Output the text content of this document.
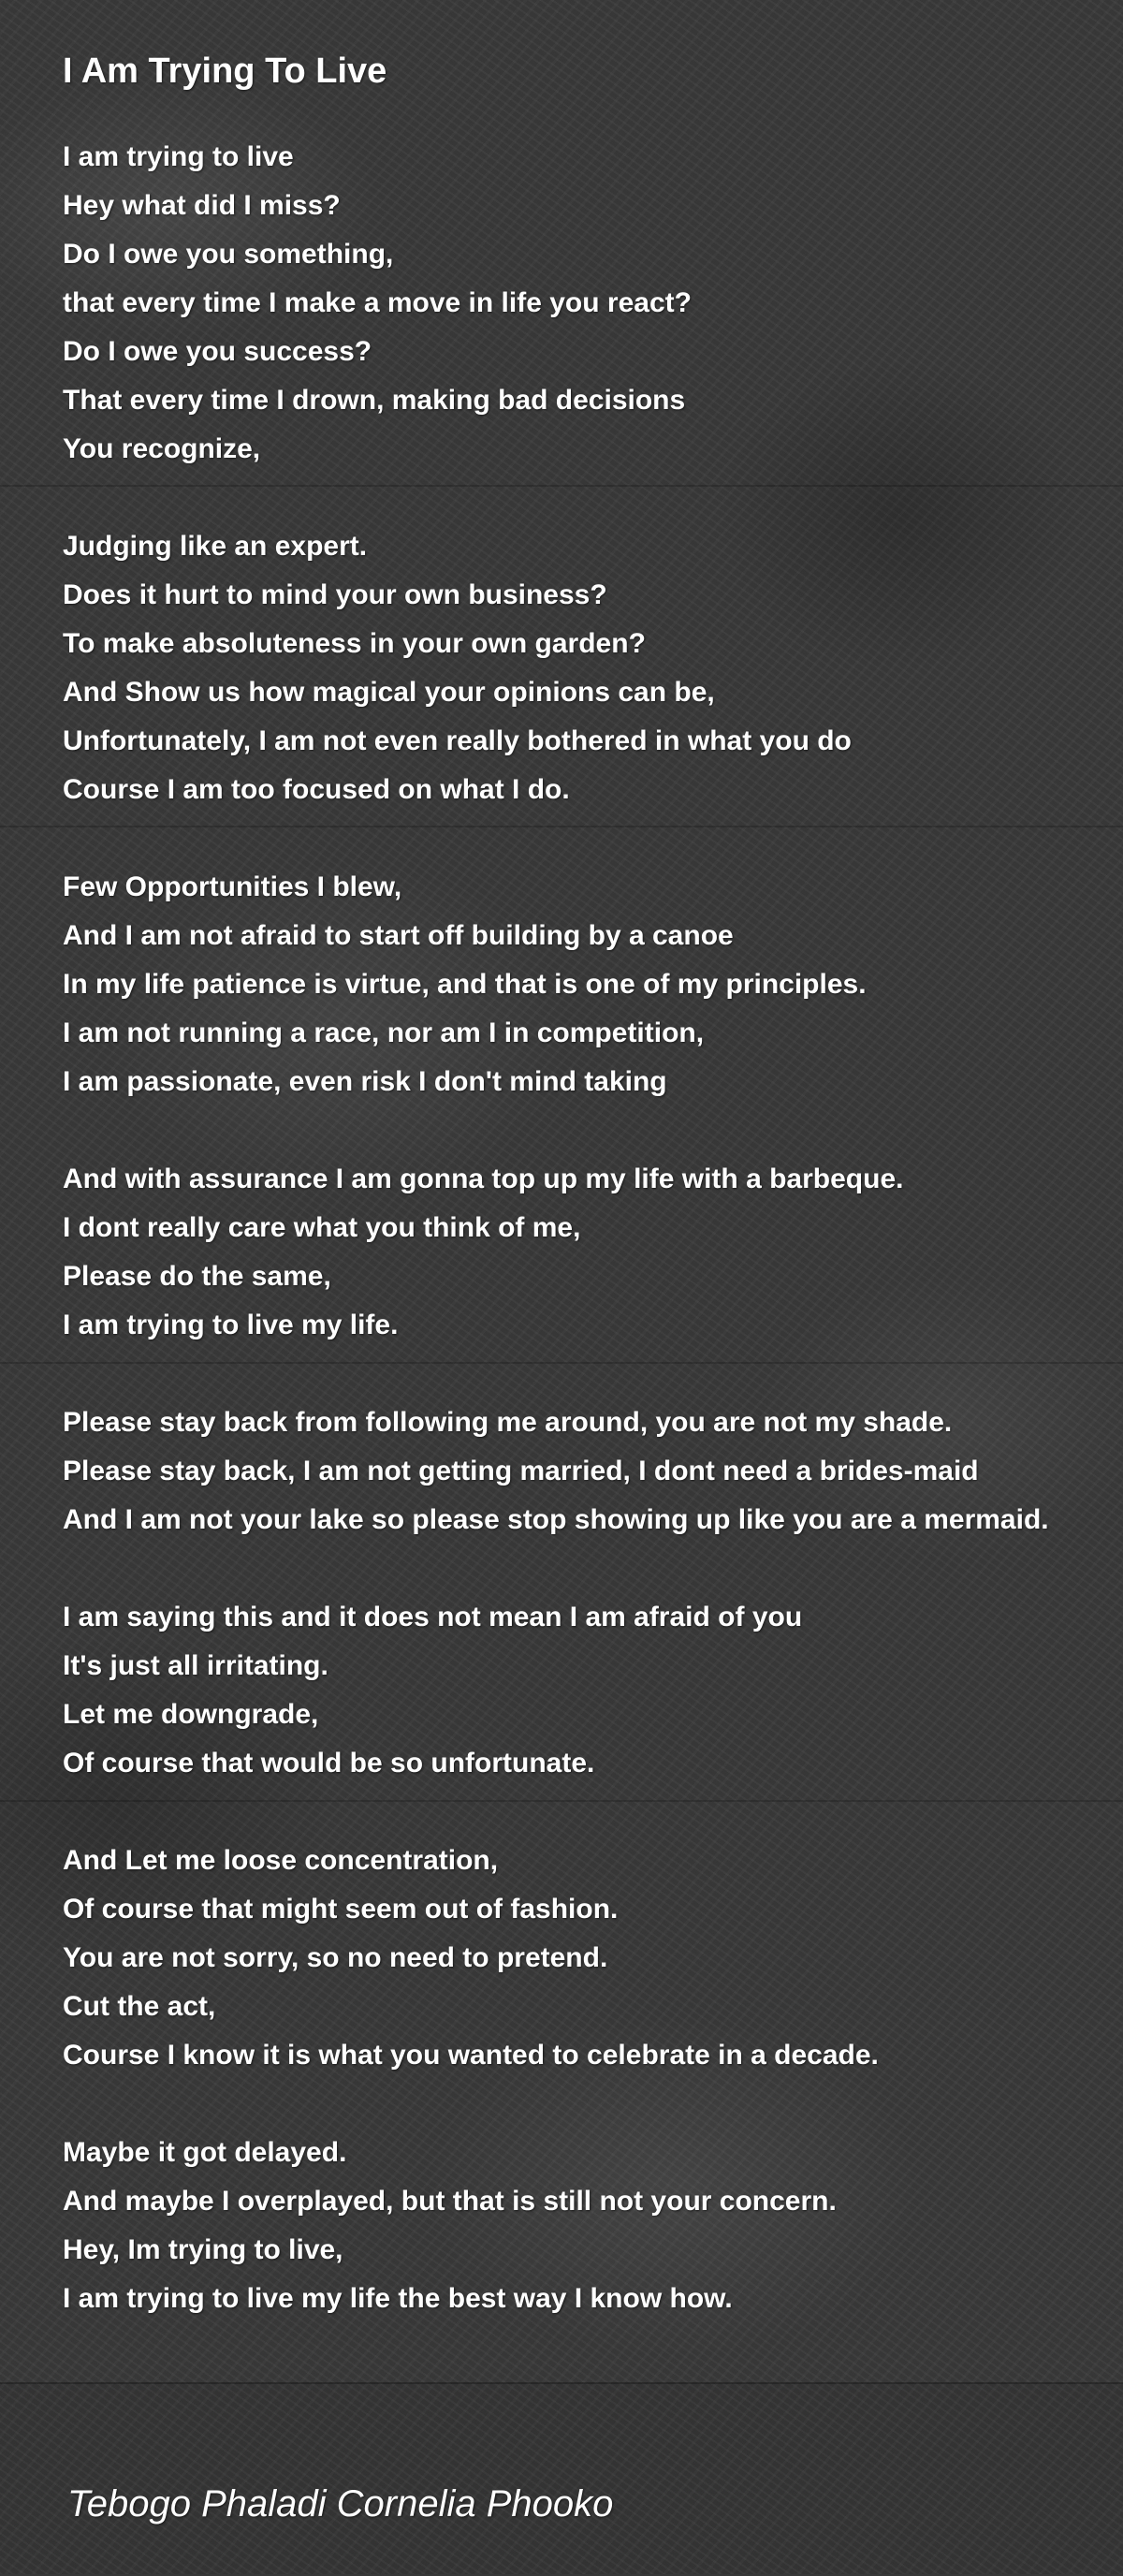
I Am Trying To Live
I am trying to live
Hey what did I miss?
Do I owe you something,
that every time I make a move in life you react?
Do I owe you success?
That every time I drown, making bad decisions
You recognize,
Judging like an expert.
Does it hurt to mind your own business?
To make absoluteness in your own garden?
And Show us how magical your opinions can be,
Unfortunately, I am not even really bothered in what you do
Course I am too focused on what I do.
Few Opportunities I blew,
And I am not afraid to start off building by a canoe
In my life patience is virtue, and that is one of my principles.
I am not running a race, nor am I in competition,
I am passionate, even risk I don't mind taking
And with assurance I am gonna top up my life with a barbeque.
I dont really care what you think of me,
Please do the same,
I am trying to live my life.
Please stay back from following me around, you are not my shade.
Please stay back, I am not getting married, I dont need a brides-maid
And I am not your lake so please stop showing up like you are a mermaid.
I am saying this and it does not mean I am afraid of you
It's just all irritating.
Let me downgrade,
Of course that would be so unfortunate.
And Let me loose concentration,
Of course that might seem out of fashion.
You are not sorry, so no need to pretend.
Cut the act,
Course I know it is what you wanted to celebrate in a decade.
Maybe it got delayed.
And maybe I overplayed, but that is still not your concern.
Hey, Im trying to live,
I am trying to live my life the best way I know how.
Tebogo Phaladi Cornelia Phooko
